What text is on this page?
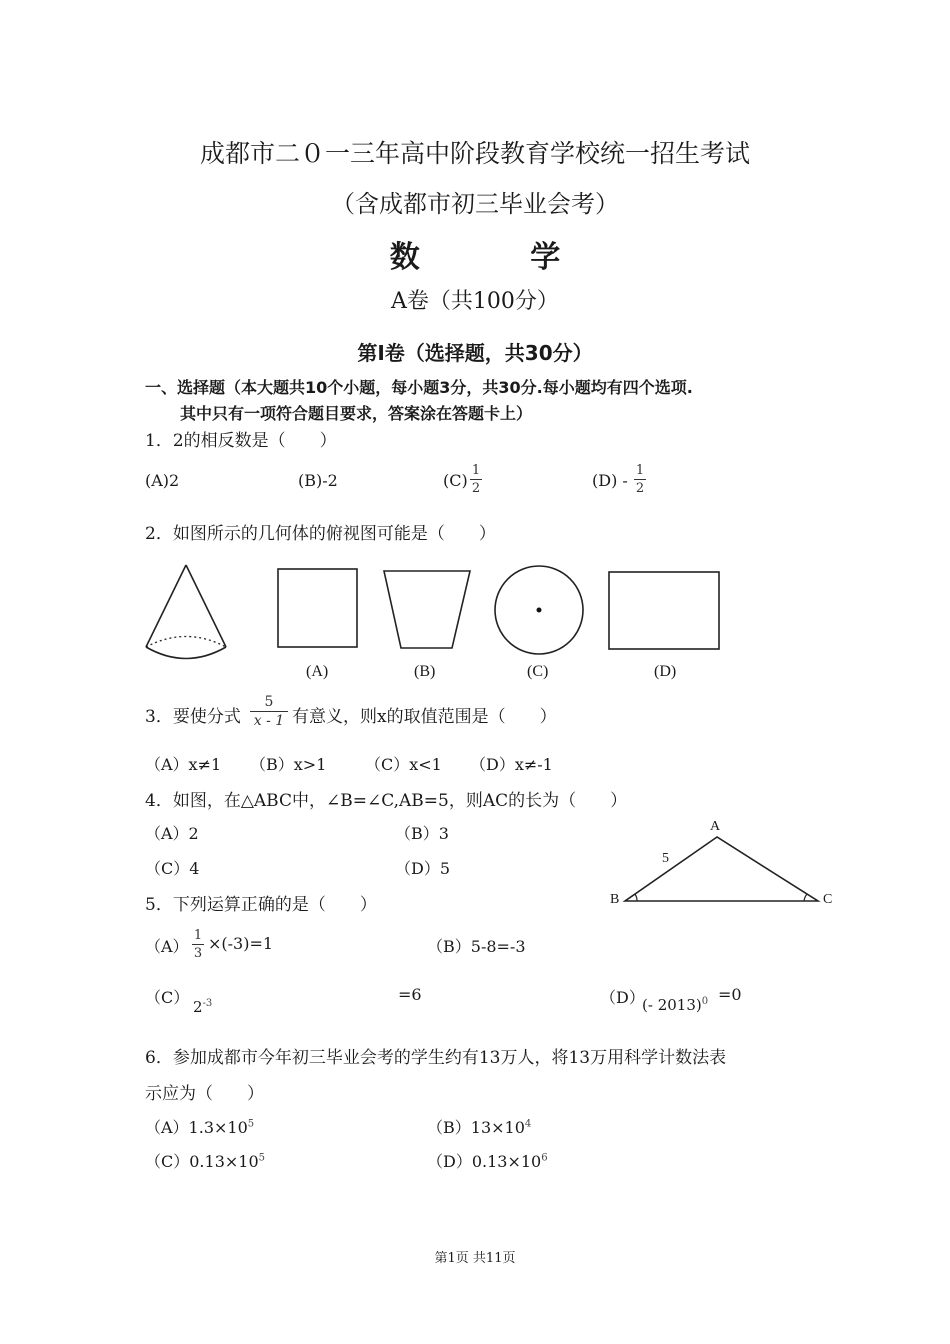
成都市二０一三年高中阶段教育学校统一招生考试
（含成都市初三毕业会考）
数 学
A卷（共100分）
第Ⅰ卷（选择题，共30分）
一、选择题（本大题共10个小题，每小题3分，共30分.每小题均有四个选项.
其中只有一项符合题目要求，答案涂在答题卡上）
1．2的相反数是（　　）
(A)2	(B)-2	(C)
1
2	(D) -
1
2
2．如图所示的几何体的俯视图可能是（　　）
(A)	(B)	(C)	(D)
3．要使分式
5
x - 1 有意义，则x的取值范围是（　　）
（A）x≠1 （B）x>1 （C）x<1 （D）x≠-1
4．如图，在△ABC中，∠B=∠C,AB=5，则AC的长为（　　）
（A）2	（B）3
（C）4	（D）5
A
B	C
5
5．下列运算正确的是（　　）
（A）
1
3
×(-3)=1	（B）5-8=-3
（C） $2^{-3}$	=6	（D）
(- 2013)$^0$ =0
6．参加成都市今年初三毕业会考的学生约有13万人，将13万用科学计数法表
示应为（　　）
$(A)1.3\times 10^5$	$(B)13\times 10^4$
$(C)0.13\times 10^5$	$(D)0.13\times 10^6$
第1页 共11页
